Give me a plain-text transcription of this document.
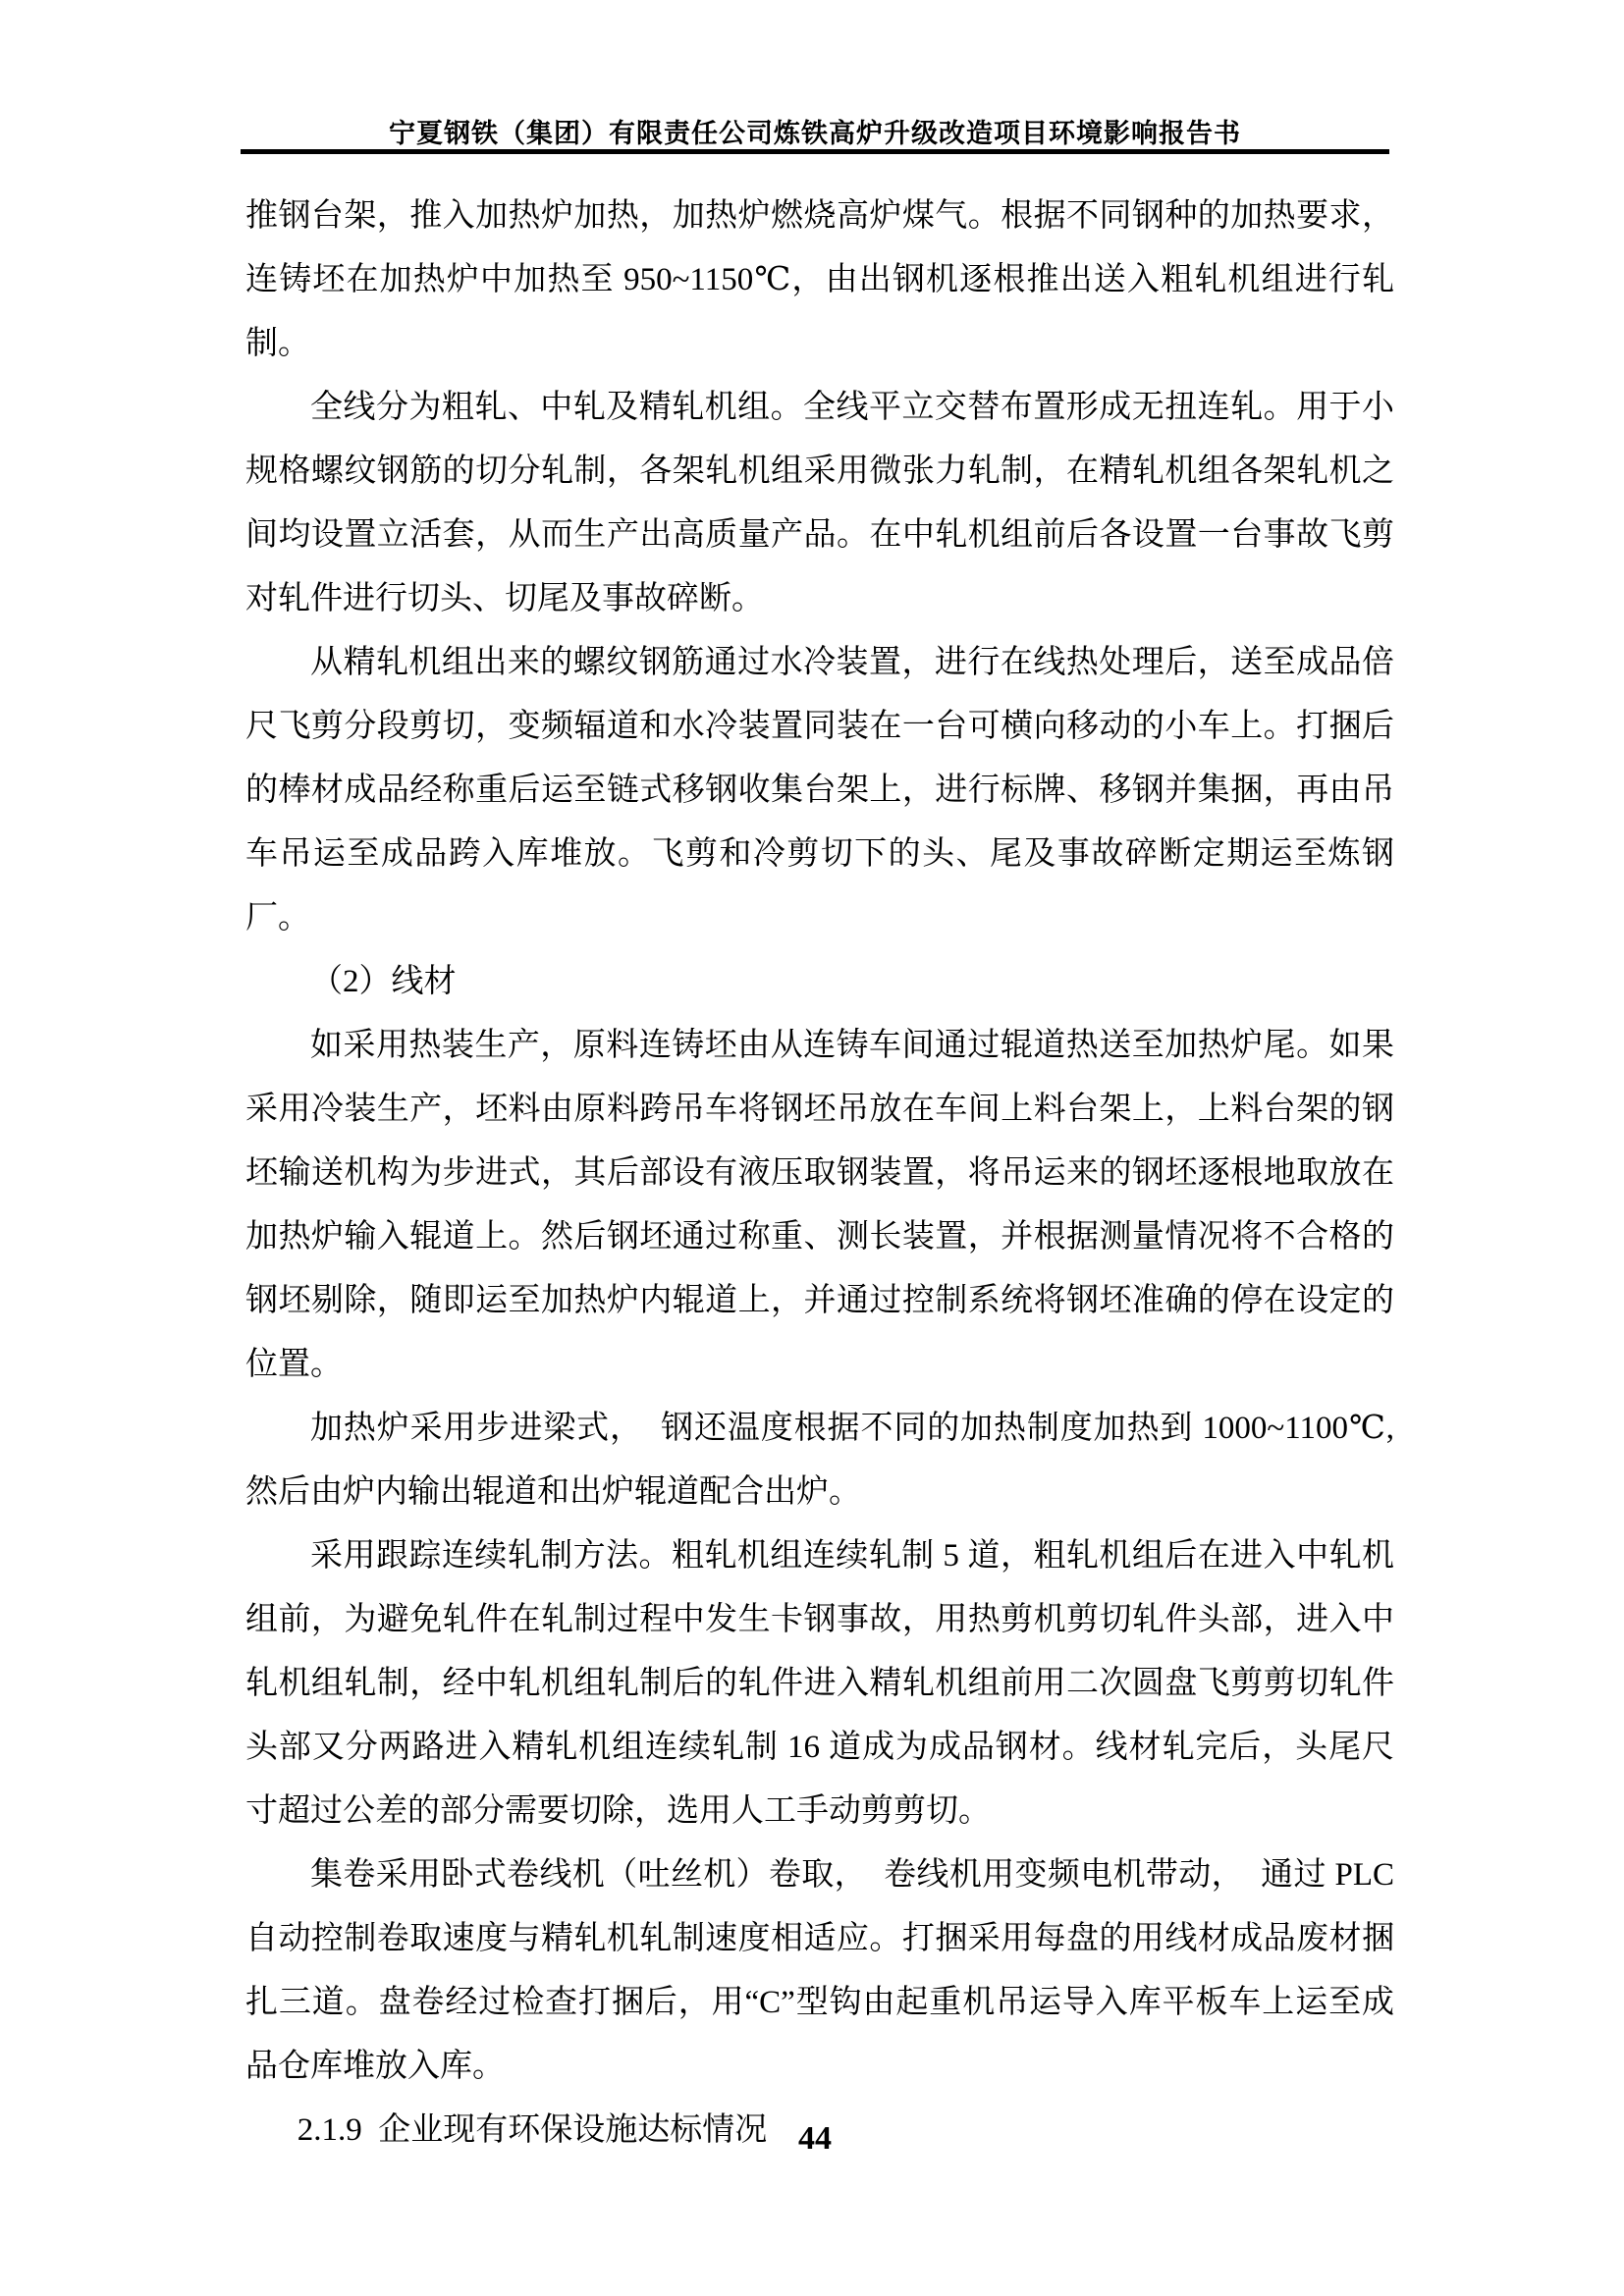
宁夏钢铁（集团）有限责任公司炼铁高炉升级改造项目环境影响报告书

推钢台架，推入加热炉加热，加热炉燃烧高炉煤气。根据不同钢种的加热要求，连铸坯在加热炉中加热至 950~1150℃，由出钢机逐根推出送入粗轧机组进行轧制。

全线分为粗轧、中轧及精轧机组。全线平立交替布置形成无扭连轧。用于小规格螺纹钢筋的切分轧制，各架轧机组采用微张力轧制，在精轧机组各架轧机之间均设置立活套，从而生产出高质量产品。在中轧机组前后各设置一台事故飞剪对轧件进行切头、切尾及事故碎断。

从精轧机组出来的螺纹钢筋通过水冷装置，进行在线热处理后，送至成品倍尺飞剪分段剪切，变频辐道和水冷装置同装在一台可横向移动的小车上。打捆后的棒材成品经称重后运至链式移钢收集台架上，进行标牌、移钢并集捆，再由吊车吊运至成品跨入库堆放。飞剪和冷剪切下的头、尾及事故碎断定期运至炼钢厂。

（2）线材

如采用热装生产，原料连铸坯由从连铸车间通过辊道热送至加热炉尾。如果采用冷装生产，坯料由原料跨吊车将钢坯吊放在车间上料台架上，上料台架的钢坯输送机构为步进式，其后部设有液压取钢装置，将吊运来的钢坯逐根地取放在加热炉输入辊道上。然后钢坯通过称重、测长装置，并根据测量情况将不合格的钢坯剔除，随即运至加热炉内辊道上，并通过控制系统将钢坯准确的停在设定的位置。

加热炉采用步进梁式，  钢还温度根据不同的加热制度加热到 1000~1100℃,然后由炉内输出辊道和出炉辊道配合出炉。

采用跟踪连续轧制方法。粗轧机组连续轧制 5 道，粗轧机组后在进入中轧机组前，为避免轧件在轧制过程中发生卡钢事故，用热剪机剪切轧件头部，进入中轧机组轧制，经中轧机组轧制后的轧件进入精轧机组前用二次圆盘飞剪剪切轧件头部又分两路进入精轧机组连续轧制 16 道成为成品钢材。线材轧完后，头尾尺寸超过公差的部分需要切除，选用人工手动剪剪切。

集卷采用卧式卷线机（吐丝机）卷取，  卷线机用变频电机带动，  通过 PLC 自动控制卷取速度与精轧机轧制速度相适应。打捆采用每盘的用线材成品废材捆扎三道。盘卷经过检查打捆后，用“C”型钩由起重机吊运导入库平板车上运至成品仓库堆放入库。

2.1.9  企业现有环保设施达标情况 44
